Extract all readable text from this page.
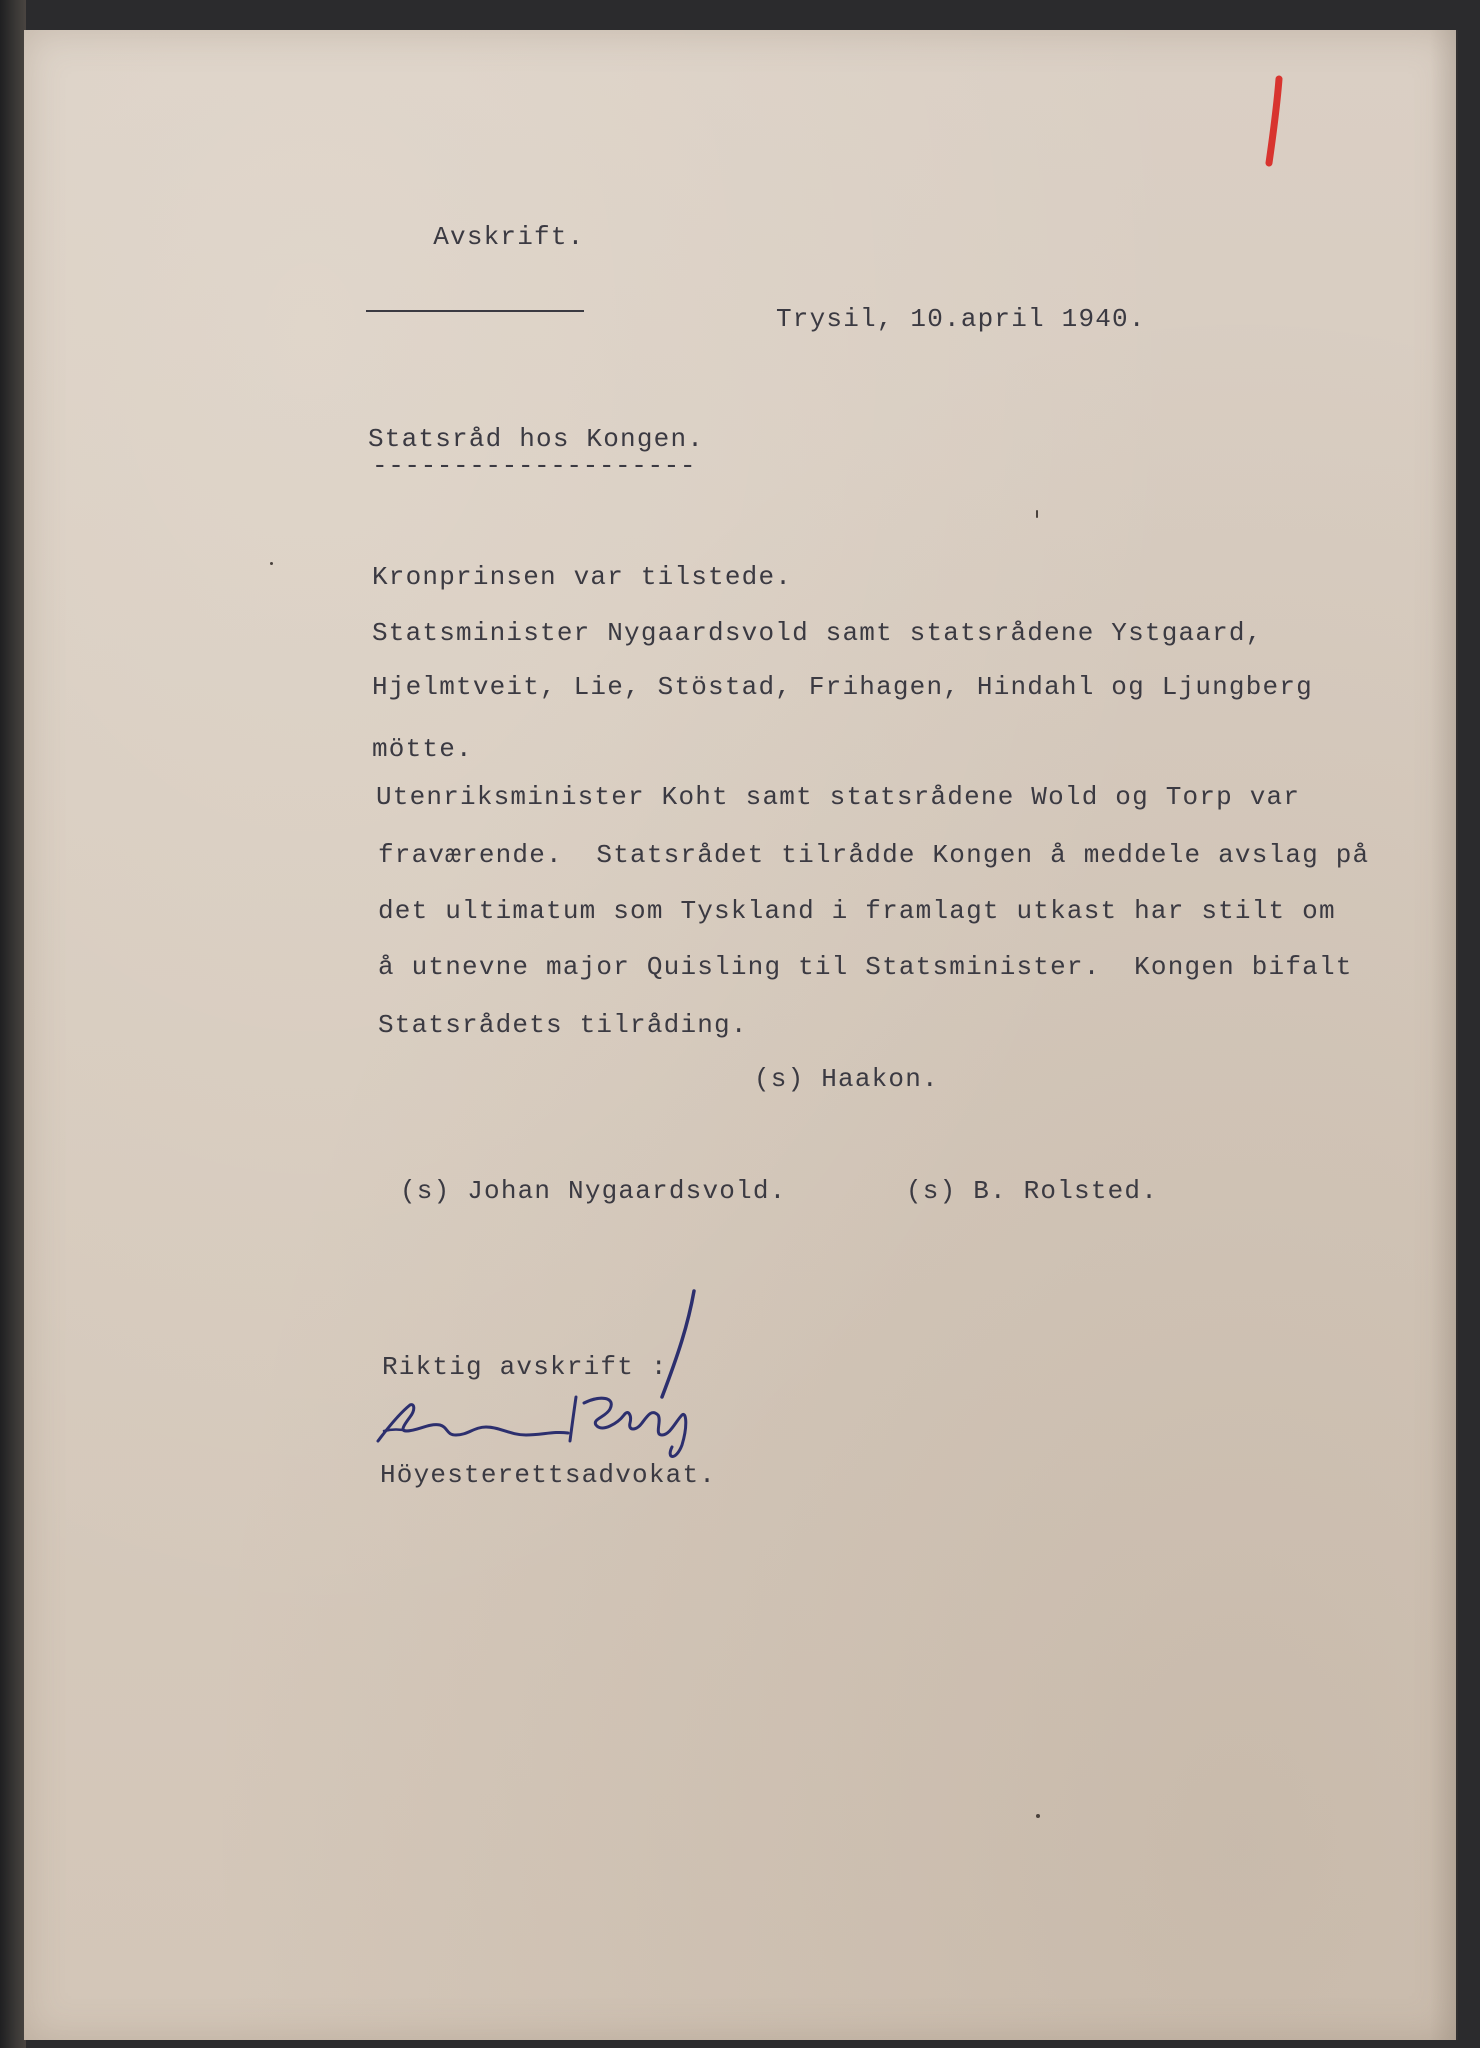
Avskrift.

Trysil, 10.april 1940.
Statsråd hos Kongen.
--------------------
Kronprinsen var tilstede.
Statsminister Nygaardsvold samt statsrådene Ystgaard,
Hjelmtveit, Lie, Stöstad, Frihagen, Hindahl og Ljungberg
mötte.
Utenriksminister Koht samt statsrådene Wold og Torp var
fraværende.  Statsrådet tilrådde Kongen å meddele avslag på
det ultimatum som Tyskland i framlagt utkast har stilt om
å utnevne major Quisling til Statsminister.  Kongen bifalt
Statsrådets tilråding.
(s) Haakon.
(s) Johan Nygaardsvold.	(s) B. Rolsted.
Riktig avskrift :
Höyesterettsadvokat.
